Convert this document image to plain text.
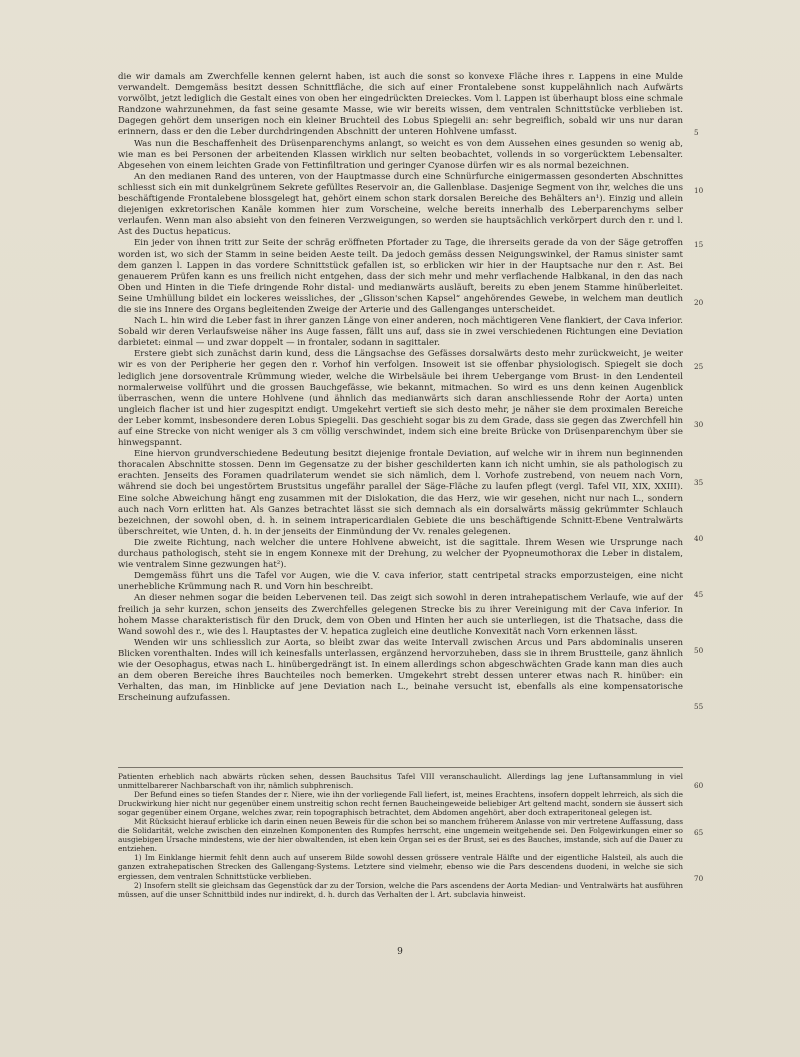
die wir damals am Zwerchfelle kennen gelernt haben, ist auch die sonst so konvexe Fläche ihres r. Lappens in eine Mulde verwandelt. Demgemäss besitzt dessen Schnittfläche, die sich auf einer Frontalebene sonst kuppelähnlich nach Aufwärts vorwölbt, jetzt lediglich die Gestalt eines von oben her eingedrückten Dreieckes. Vom l. Lappen ist überhaupt bloss eine schmale Randzone wahrzunehmen, da fast seine gesamte Masse, wie wir bereits wissen, dem ventralen Schnittstücke verblieben ist. Dagegen gehört dem unserigen noch ein kleiner Bruchteil des Lobus Spiegelii an: sehr begreiflich, sobald wir uns nur daran erinnern, dass er den die Leber durchdringenden Abschnitt der unteren Hohlvene umfasst.

Was nun die Beschaffenheit des Drüsenparenchyms anlangt, so weicht es von dem Aussehen eines gesunden so wenig ab, wie man es bei Personen der arbeitenden Klassen wirklich nur selten beobachtet, vollends in so vorgerücktem Lebensalter. Abgesehen von einem leichten Grade von Fettinfiltration und geringer Cyanose dürfen wir es als normal bezeichnen.

An den medianen Rand des unteren, von der Hauptmasse durch eine Schnürfurche einigermassen gesonderten Abschnittes schliesst sich ein mit dunkelgrünem Sekrete gefülltes Reservoir an, die Gallenblase. Dasjenige Segment von ihr, welches die uns beschäftigende Frontalebene blossgelegt hat, gehört einem schon stark dorsalen Bereiche des Behälters an¹). Einzig und allein diejenigen exkretorischen Kanäle kommen hier zum Vorscheine, welche bereits innerhalb des Leberparenchyms selber verlaufen. Wenn man also absieht von den feineren Verzweigungen, so werden sie hauptsächlich verkörpert durch den r. und l. Ast des Ductus hepaticus.

Ein jeder von ihnen tritt zur Seite der schräg eröffneten Pfortader zu Tage, die ihrerseits gerade da von der Säge getroffen worden ist, wo sich der Stamm in seine beiden Aeste teilt. Da jedoch gemäss dessen Neigungswinkel, der Ramus sinister samt dem ganzen l. Lappen in das vordere Schnittstück gefallen ist, so erblicken wir hier in der Hauptsache nur den r. Ast. Bei genauerem Prüfen kann es uns freilich nicht entgehen, dass der sich mehr und mehr verflachende Halbkanal, in den das nach Oben und Hinten in die Tiefe dringende Rohr distal- und medianwärts ausläuft, bereits zu eben jenem Stamme hinüberleitet. Seine Umhüllung bildet ein lockeres weissliches, der „Glisson'schen Kapsel“ angehörendes Gewebe, in welchem man deutlich die sie ins Innere des Organs begleitenden Zweige der Arterie und des Gallenganges unterscheidet.

Nach L. hin wird die Leber fast in ihrer ganzen Länge von einer anderen, noch mächtigeren Vene flankiert, der Cava inferior. Sobald wir deren Verlaufsweise näher ins Auge fassen, fällt uns auf, dass sie in zwei verschiedenen Richtungen eine Deviation darbietet: einmal — und zwar doppelt — in frontaler, sodann in sagittaler.

Erstere giebt sich zunächst darin kund, dess die Längsachse des Gefässes dorsalwärts desto mehr zurückweicht, je weiter wir es von der Peripherie her gegen den r. Vorhof hin verfolgen. Insoweit ist sie offenbar physiologisch. Spiegelt sie doch lediglich jene dorsoventrale Krümmung wieder, welche die Wirbelsäule bei ihrem Uebergange vom Brust- in den Lendenteil normalerweise vollführt und die grossen Bauchgefässe, wie bekannt, mitmachen. So wird es uns denn keinen Augenblick überraschen, wenn die untere Hohlvene (und ähnlich das medianwärts sich daran anschliessende Rohr der Aorta) unten ungleich flacher ist und hier zugespitzt endigt. Umgekehrt vertieft sie sich desto mehr, je näher sie dem proximalen Bereiche der Leber kommt, insbesondere deren Lobus Spiegelii. Das geschieht sogar bis zu dem Grade, dass sie gegen das Zwerchfell hin auf eine Strecke von nicht weniger als 3 cm völlig verschwindet, indem sich eine breite Brücke von Drüsenparenchym über sie hinwegspannt.

Eine hiervon grundverschiedene Bedeutung besitzt diejenige frontale Deviation, auf welche wir in ihrem nun beginnenden thoracalen Abschnitte stossen. Denn im Gegensatze zu der bisher geschilderten kann ich nicht umhin, sie als pathologisch zu erachten. Jenseits des Foramen quadrilaterum wendet sie sich nämlich, dem l. Vorhofe zustrebend, von neuem nach Vorn, während sie doch bei ungestörtem Brustsitus ungefähr parallel der Säge-Fläche zu laufen pflegt (vergl. Tafel VII, XIX, XXIII). Eine solche Abweichung hängt eng zusammen mit der Dislokation, die das Herz, wie wir gesehen, nicht nur nach L., sondern auch nach Vorn erlitten hat. Als Ganzes betrachtet lässt sie sich demnach als ein dorsalwärts mässig gekrümmter Schlauch bezeichnen, der sowohl oben, d. h. in seinem intrapericardialen Gebiete die uns beschäftigende Schnitt-Ebene Ventralwärts überschreitet, wie Unten, d. h. in der jenseits der Einmündung der Vv. renales gelegenen.

Die zweite Richtung, nach welcher die untere Hohlvene abweicht, ist die sagittale. Ihrem Wesen wie Ursprunge nach durchaus pathologisch, steht sie in engem Konnexe mit der Drehung, zu welcher der Pyopneumothorax die Leber in distalem, wie ventralem Sinne gezwungen hat²).

Demgemäss führt uns die Tafel vor Augen, wie die V. cava inferior, statt centripetal stracks emporzusteigen, eine nicht unerhebliche Krümmung nach R. und Vorn hin beschreibt.

An dieser nehmen sogar die beiden Lebervenen teil. Das zeigt sich sowohl in deren intrahepatischem Verlaufe, wie auf der freilich ja sehr kurzen, schon jenseits des Zwerchfelles gelegenen Strecke bis zu ihrer Vereinigung mit der Cava inferior. In hohem Masse charakteristisch für den Druck, dem von Oben und Hinten her auch sie unterliegen, ist die Thatsache, dass die Wand sowohl des r., wie des l. Hauptastes der V. hepatica zugleich eine deutliche Konvexität nach Vorn erkennen lässt.

Wenden wir uns schliesslich zur Aorta, so bleibt zwar das weite Intervall zwischen Arcus und Pars abdominalis unseren Blicken vorenthalten. Indes will ich keinesfalls unterlassen, ergänzend hervorzuheben, dass sie in ihrem Brustteile, ganz ähnlich wie der Oesophagus, etwas nach L. hinübergedrängt ist. In einem allerdings schon abgeschwächten Grade kann man dies auch an dem oberen Bereiche ihres Bauchteiles noch bemerken. Umgekehrt strebt dessen unterer etwas nach R. hinüber: ein Verhalten, das man, im Hinblicke auf jene Deviation nach L., beinahe versucht ist, ebenfalls als eine kompensatorische Erscheinung aufzufassen.

Patienten erheblich nach abwärts rücken sehen, dessen Bauchsitus Tafel VIII veranschaulicht. Allerdings lag jene Luftansammlung in viel unmittelbarerer Nachbarschaft von ihr, nämlich subphrenisch.

Der Befund eines so tiefen Standes der r. Niere, wie ihn der vorliegende Fall liefert, ist, meines Erachtens, insofern doppelt lehrreich, als sich die Druckwirkung hier nicht nur gegenüber einem unstreitig schon recht fernen Baucheingeweide beliebiger Art geltend macht, sondern sie äussert sich sogar gegenüber einem Organe, welches zwar, rein topographisch betrachtet, dem Abdomen angehört, aber doch extraperitoneal gelegen ist.

Mit Rücksicht hierauf erblicke ich darin einen neuen Beweis für die schon bei so manchem früherem Anlasse von mir vertretene Auffassung, dass die Solidarität, welche zwischen den einzelnen Komponenten des Rumpfes herrscht, eine ungemein weitgehende sei. Den Folgewirkungen einer so ausgiebigen Ursache mindestens, wie der hier obwaltenden, ist eben kein Organ sei es der Brust, sei es des Bauches, imstande, sich auf die Dauer zu entziehen.

1) Im Einklange hiermit fehlt denn auch auf unserem Bilde sowohl dessen grössere ventrale Hälfte und der eigentliche Halsteil, als auch die ganzen extrahepatischen Strecken des Gallengang-Systems. Letztere sind vielmehr, ebenso wie die Pars descendens duodeni, in welche sie sich ergiessen, dem ventralen Schnittstücke verblieben.

2) Insofern stellt sie gleichsam das Gegenstück dar zu der Torsion, welche die Pars ascendens der Aorta Median- und Ventralwärts hat ausführen müssen, auf die unser Schnittbild indes nur indirekt, d. h. durch das Verhalten der l. Art. subclavia hinweist.

5
10
15
20
25
30
35
40
45
50
55
60
65
70
9
